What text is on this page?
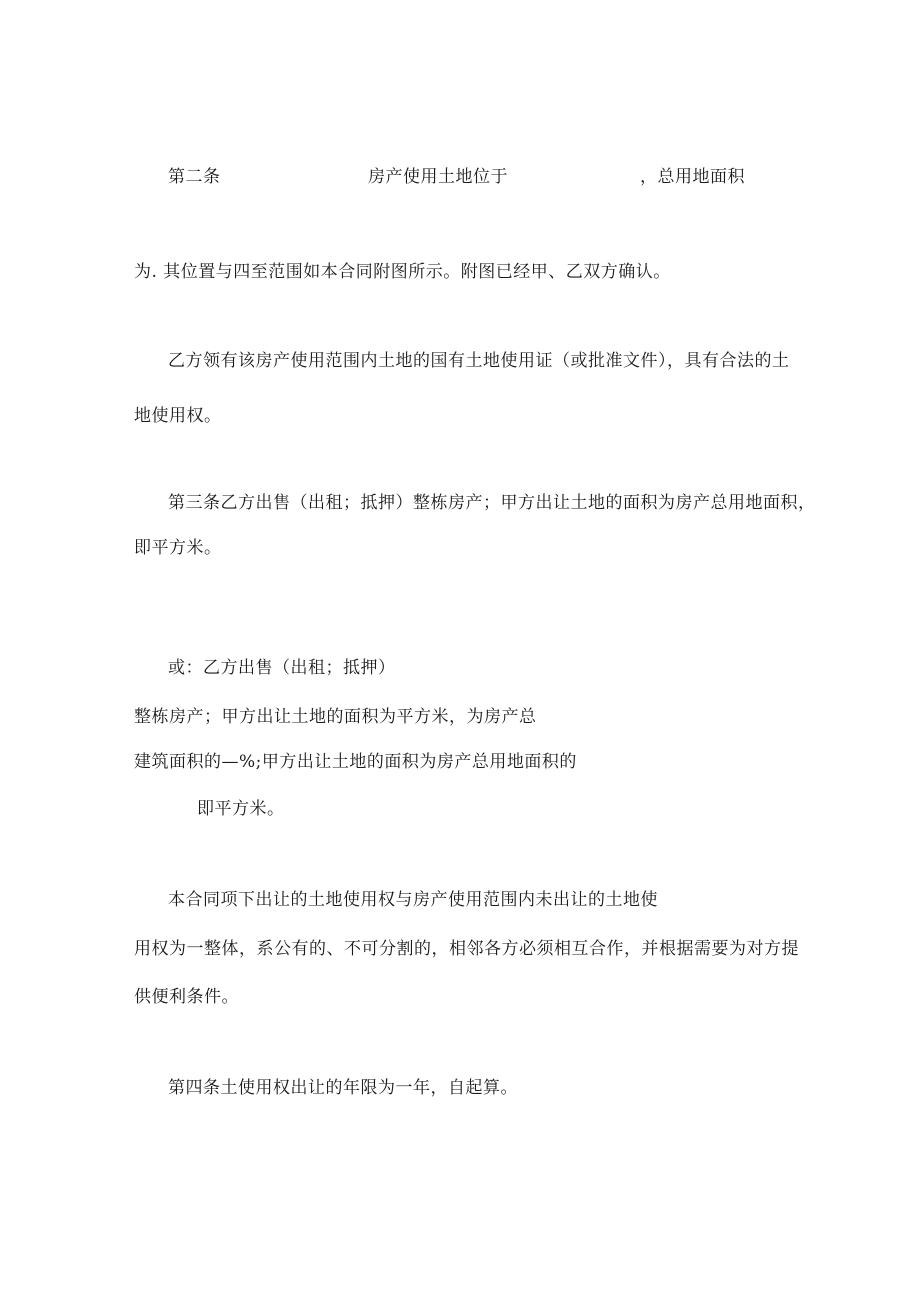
第二条	房产使用土地位于	，总用地面积
为. 其位置与四至范围如本合同附图所示。附图已经甲、乙双方确认。
乙方领有该房产使用范围内土地的国有土地使用证（或批准文件），具有合法的土
地使用权。
第三条乙方出售（出租；抵押）整栋房产；甲方出让土地的面积为房产总用地面积，
即平方米。
或：乙方出售（出租；抵押）
整栋房产；甲方出让土地的面积为平方米，为房产总
建筑面积的—%;甲方出让土地的面积为房产总用地面积的
即平方米。
本合同项下出让的土地使用权与房产使用范围内未出让的土地使
用权为一整体，系公有的、不可分割的，相邻各方必须相互合作，并根据需要为对方提
供便利条件。
第四条土使用权出让的年限为一年，自起算。
